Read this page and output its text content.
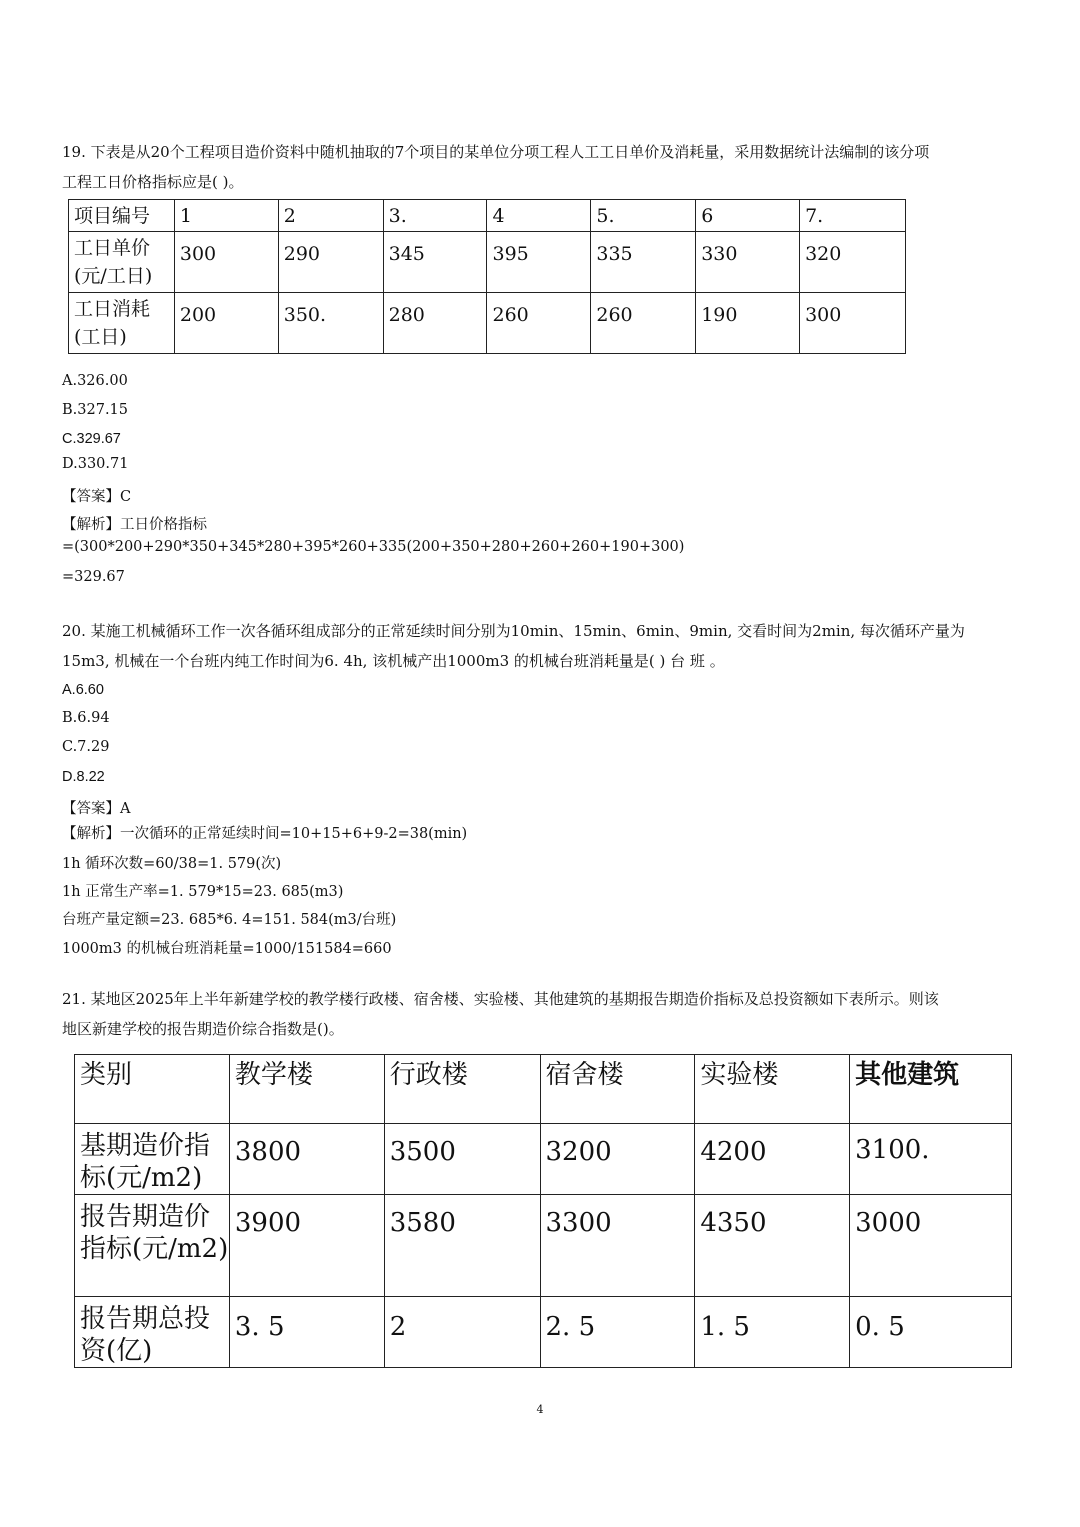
19. 下表是从20个工程项目造价资料中随机抽取的7个项目的某单位分项工程人工工日单价及消耗量，采用数据统计法编制的该分项
工程工日价格指标应是( )。
项目编号	1	2	3.	4	5.	6	7.
工日单价(元/工日)	300	290	345	395	335	330	320
工日消耗(工日)	200	350.	280	260	260	190	300
A.326.00
B.327.15
C.329.67
D.330.71
【答案】C
【解析】工日价格指标
=(300*200+290*350+345*280+395*260+335(200+350+280+260+260+190+300)
=329.67
20. 某施工机械循环工作一次各循环组成部分的正常延续时间分别为10min、15min、6min、9min, 交看时间为2min, 每次循环产量为
15m3, 机械在一个台班内纯工作时间为6. 4h, 该机械产出1000m3 的机械台班消耗量是( ) 台 班 。
A.6.60
B.6.94
C.7.29
D.8.22
【答案】A
【解析】一次循环的正常延续时间=10+15+6+9-2=38(min)
1h 循环次数=60/38=1. 579(次)
1h 正常生产率=1. 579*15=23. 685(m3)
台班产量定额=23. 685*6. 4=151. 584(m3/台班)
1000m3 的机械台班消耗量=1000/151584=660
21. 某地区2025年上半年新建学校的教学楼行政楼、宿舍楼、实验楼、其他建筑的基期报告期造价指标及总投资额如下表所示。则该
地区新建学校的报告期造价综合指数是()。
类别	教学楼	行政楼	宿舍楼	实验楼	其他建筑
基期造价指标(元/m2)	3800	3500	3200	4200	3100.
报告期造价指标(元/m2)	3900	3580	3300	4350	3000
报告期总投资(亿)	3. 5	2	2. 5	1. 5	0. 5
4
